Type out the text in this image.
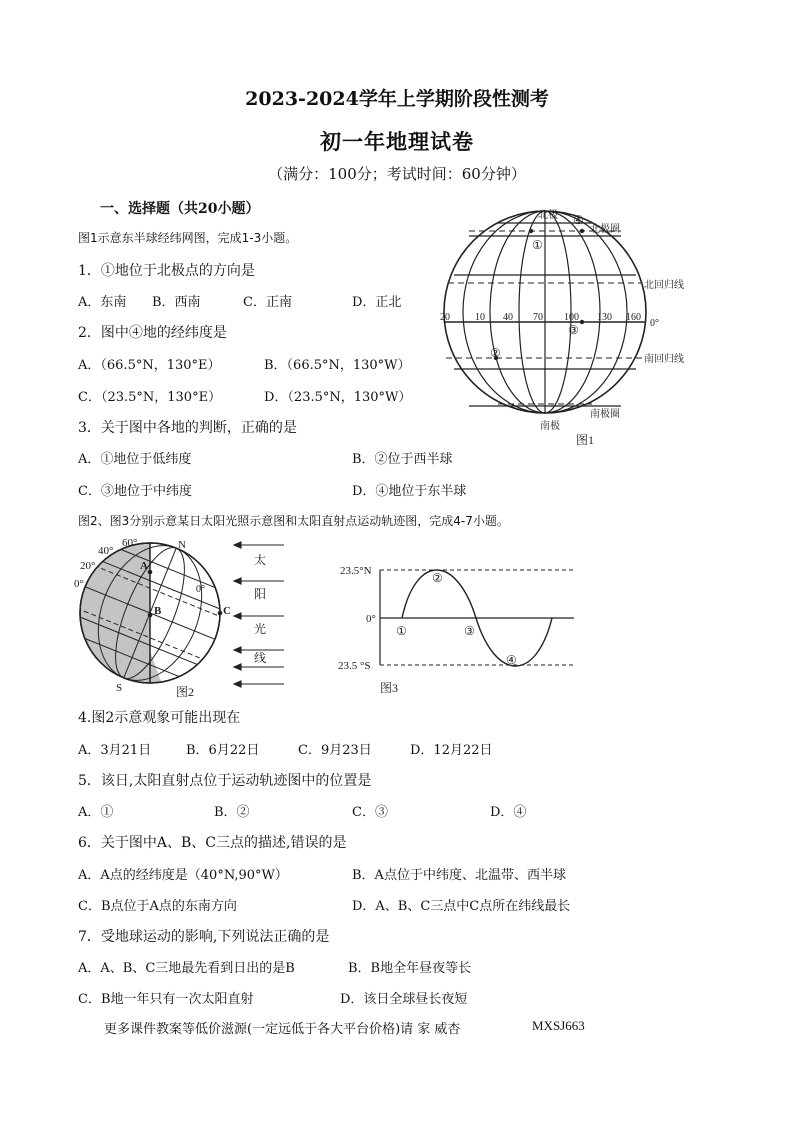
2023-2024学年上学期阶段性测考
初一年地理试卷
（满分：100分；考试时间：60分钟）
一、选择题（共20小题）
图1示意东半球经纬网图，完成1-3小题。
1．①地位于北极点的方向是
A．东南 B．西南	C．正南	D．正北
2．图中④地的经纬度是
A．（66.5°N，130°E）	B．（66.5°N，130°W）
C．（23.5°N，130°E）	D．（23.5°N，130°W）
3．关于图中各地的判断，正确的是
A．①地位于低纬度	B．②位于西半球
C．③地位于中纬度	D．④地位于东半球
北极
南极
北极圈
南极圈
北回归线
南回归线
20	10 40 70 100 130 160
0°
①
②
③
④
图1
图2、图3分别示意某日太阳光照示意图和太阳直射点运动轨迹图，完成4-7小题。
60°
40°
20°
0°
N
S
A
B	C
0°
太
阳
光
线
图2
23.5°N
0°
23.5 °S
①
②
③
④
图3
4.图2示意观象可能出现在
A．3月21日	B．6月22日	C．9月23日	D．12月22日
5．该日,太阳直射点位于运动轨迹图中的位置是
A．①	B．②	C．③	D．④
6．关于图中A、B、C三点的描述,错误的是
A．A点的经纬度是（40°N,90°W）	B．A点位于中纬度、北温带、西半球
C．B点位于A点的东南方向	D．A、B、C三点中C点所在纬线最长
7．受地球运动的影响,下列说法正确的是
A．A、B、C三地最先看到日出的是B	B．B地全年昼夜等长
C．B地一年只有一次太阳直射	D．该日全球昼长夜短
更多课件教案等低价滋源(一定远低于各大平台价格)请 家 威杏	MXSJ663
